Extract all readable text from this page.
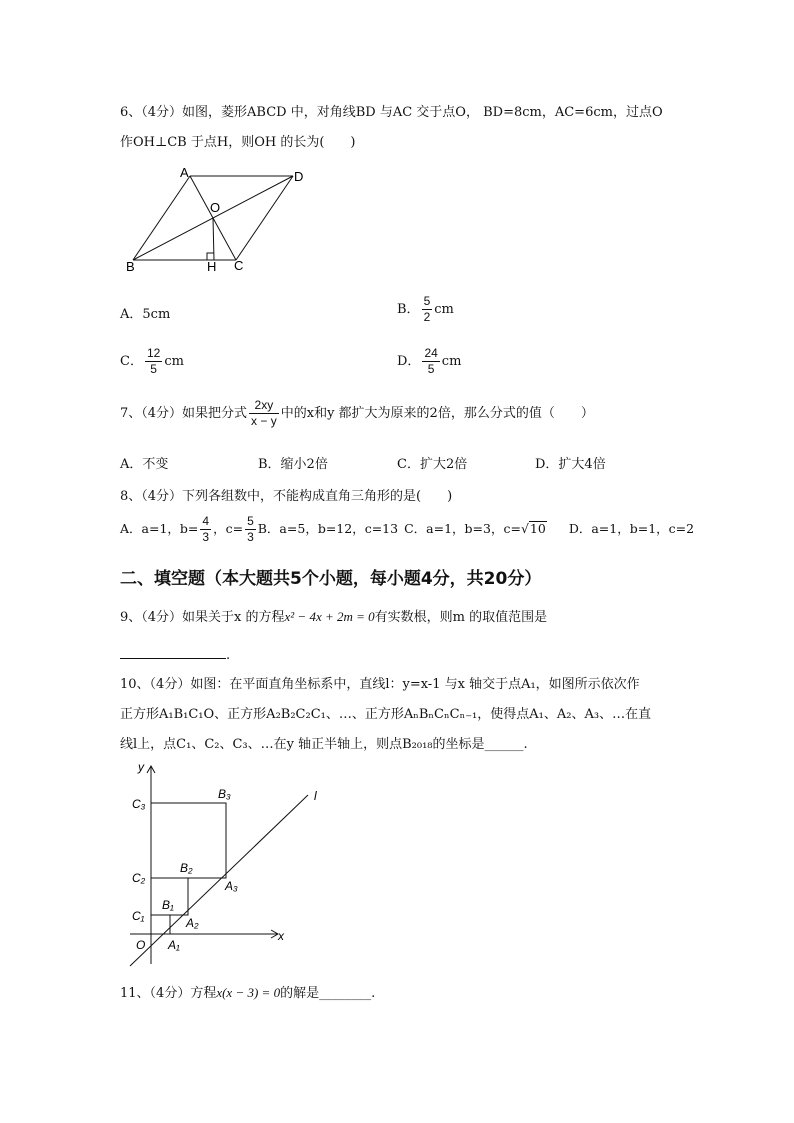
6、（4分）如图，菱形ABCD 中，对角线BD 与AC 交于点O， BD=8cm，AC=6cm，过点O
作OH⊥CB 于点H，则OH 的长为(　　)
A	D
O
B	H C
A．5cm	B． $\frac{5}{2}$ cm
C． $\frac{12}{5}$ cm	D． $\frac{24}{5}$ cm
7、（4分）如果把分式 $\frac{2xy}{x - y}$ 中的x和y 都扩大为原来的2倍，那么分式的值（　　）
A．不变	B．缩小2倍	C．扩大2倍	D．扩大4倍
8、（4分）下列各组数中，不能构成直角三角形的是(　　)
A．a=1，$b= \frac{4}{3}$ ，$c= \frac{5}{3}$ B．a=5，b=12，c=13 C．a=1，b=3，c=√10 D．a=1，b=1，c=2
二、填空题（本大题共5个小题，每小题4分，共20分）
9、（4分）如果关于x 的方程x² − 4x + 2m = 0有实数根，则m 的取值范围是
.
10、（4分）如图：在平面直角坐标系中，直线l：y=x-1 与x 轴交于点A₁，如图所示依次作
正方形A₁B₁C₁O、正方形A₂B₂C₂C₁、…、正方形AₙBₙCₙCₙ₋₁，使得点A₁、A₂、A₃、…在直
线l上，点C₁、C₂、C₃、…在y 轴正半轴上，则点B₂₀₁₈的坐标是______.
y
x
l
O
C₃
B₃
C₂
B₂
A₃
C₁
B₁
A₂
A₁
11、（4分）方程x(x − 3) = 0的解是________.
